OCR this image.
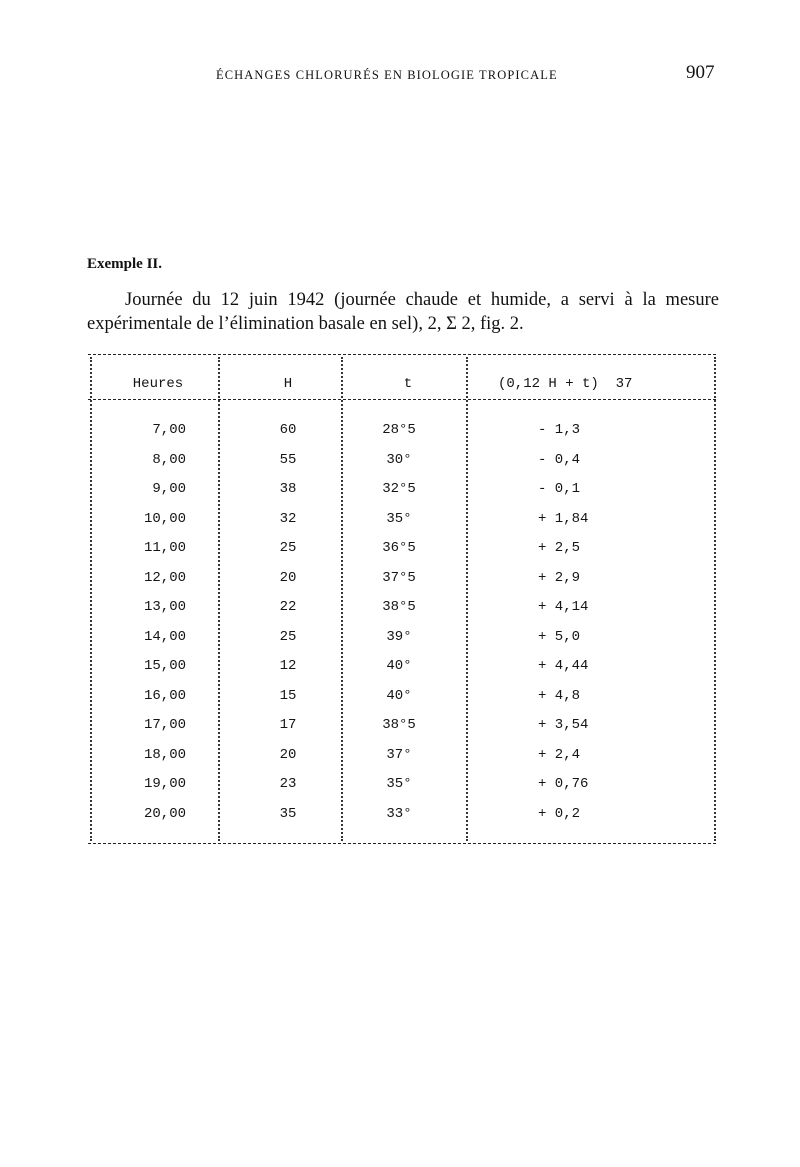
ÉCHANGES CHLORURÉS EN BIOLOGIE TROPICALE	907
Exemple II.
Journée du 12 juin 1942 (journée chaude et humide, a servi à la mesure expérimentale de l’élimination basale en sel), 2, Σ 2, fig. 2.
Heures	H	t	(0,12 H + t)  37
7,00	60	28°5	- 1,3
8,00	55	30°	- 0,4
9,00	38	32°5	- 0,1
10,00	32	35°	+ 1,84
11,00	25	36°5	+ 2,5
12,00	20	37°5	+ 2,9
13,00	22	38°5	+ 4,14
14,00	25	39°	+ 5,0
15,00	12	40°	+ 4,44
16,00	15	40°	+ 4,8
17,00	17	38°5	+ 3,54
18,00	20	37°	+ 2,4
19,00	23	35°	+ 0,76
20,00	35	33°	+ 0,2
